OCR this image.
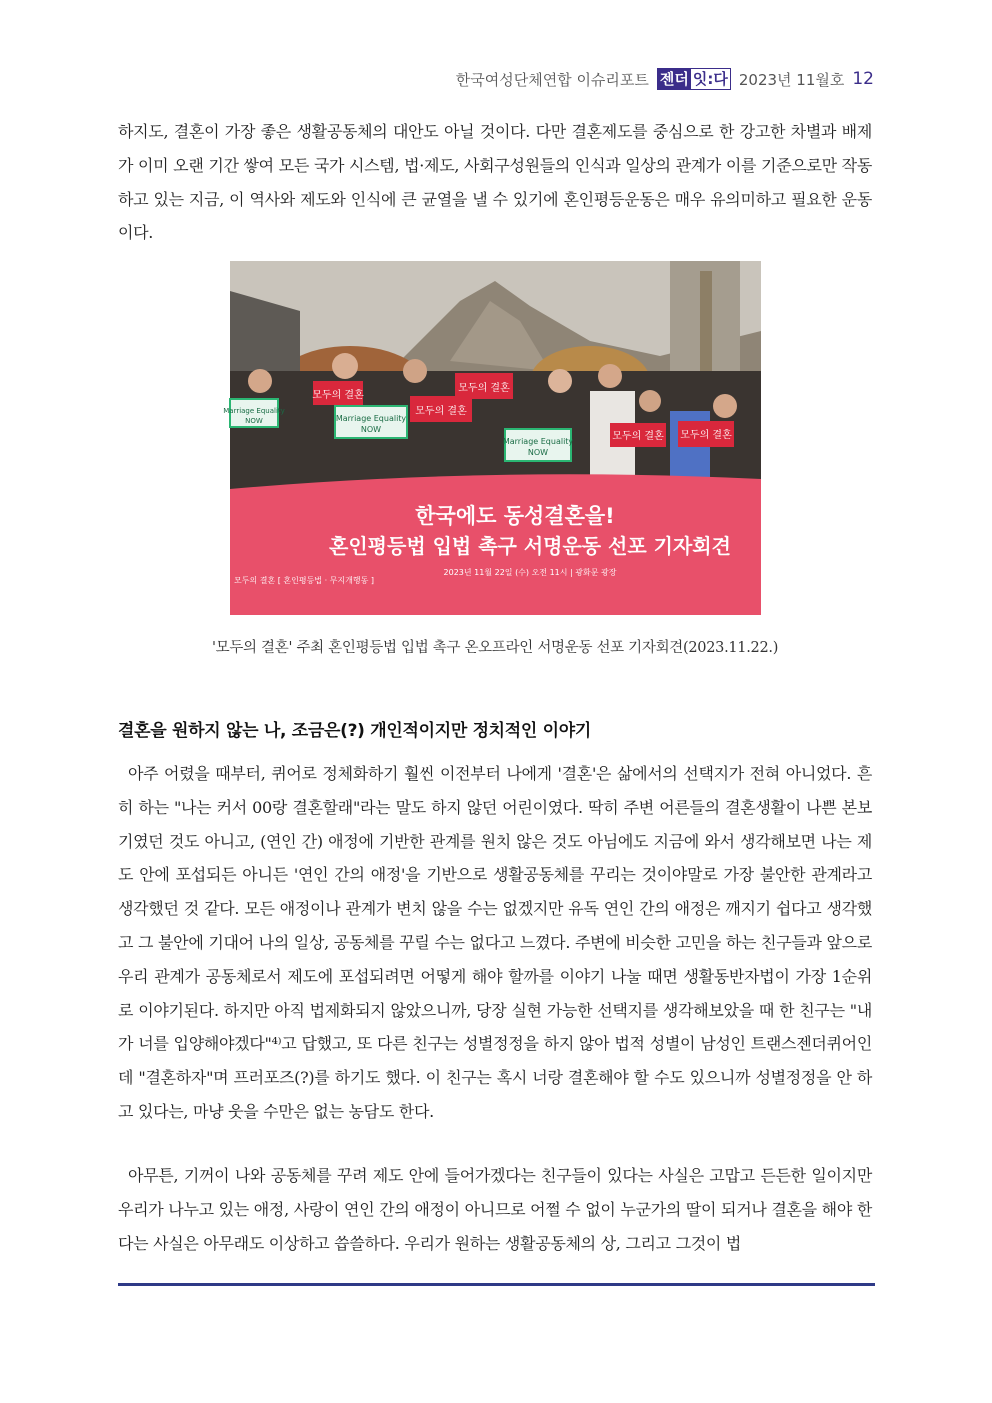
한국여성단체연합 이슈리포트 젠더 잇:다 2023년 11월호 12

하지도, 결혼이 가장 좋은 생활공동체의 대안도 아닐 것이다. 다만 결혼제도를 중심으로 한 강고한 차별과 배제가 이미 오랜 기간 쌓여 모든 국가 시스템, 법·제도, 사회구성원들의 인식과 일상의 관계가 이를 기준으로만 작동하고 있는 지금, 이 역사와 제도와 인식에 큰 균열을 낼 수 있기에 혼인평등운동은 매우 유의미하고 필요한 운동이다.

모두의 결혼
모두의 결혼
모두의 결혼
모두의 결혼 모두의 결혼
Marriage Equality
NOW	Marriage Equality
NOW
Marriage Equality
NOW
한국에도 동성결혼을!
혼인평등법 입법 촉구 서명운동 선포 기자회견
2023년 11월 22일 (수) 오전 11시 | 광화문 광장
모두의 결혼 [ 혼인평등법 · 무지개행동 ]
'모두의 결혼' 주최 혼인평등법 입법 촉구 온오프라인 서명운동 선포 기자회견(2023.11.22.)
결혼을 원하지 않는 나, 조금은(?) 개인적이지만 정치적인 이야기

아주 어렸을 때부터, 퀴어로 정체화하기 훨씬 이전부터 나에게 '결혼'은 삶에서의 선택지가 전혀 아니었다. 흔히 하는 "나는 커서 00랑 결혼할래"라는 말도 하지 않던 어린이였다. 딱히 주변 어른들의 결혼생활이 나쁜 본보기였던 것도 아니고, (연인 간) 애정에 기반한 관계를 원치 않은 것도 아님에도 지금에 와서 생각해보면 나는 제도 안에 포섭되든 아니든 '연인 간의 애정'을 기반으로 생활공동체를 꾸리는 것이야말로 가장 불안한 관계라고 생각했던 것 같다. 모든 애정이나 관계가 변치 않을 수는 없겠지만 유독 연인 간의 애정은 깨지기 쉽다고 생각했고 그 불안에 기대어 나의 일상, 공동체를 꾸릴 수는 없다고 느꼈다. 주변에 비슷한 고민을 하는 친구들과 앞으로 우리 관계가 공동체로서 제도에 포섭되려면 어떻게 해야 할까를 이야기 나눌 때면 생활동반자법이 가장 1순위로 이야기된다. 하지만 아직 법제화되지 않았으니까, 당장 실현 가능한 선택지를 생각해보았을 때 한 친구는 "내가 너를 입양해야겠다"⁴⁾고 답했고, 또 다른 친구는 성별정정을 하지 않아 법적 성별이 남성인 트랜스젠더퀴어인데 "결혼하자"며 프러포즈(?)를 하기도 했다. 이 친구는 혹시 너랑 결혼해야 할 수도 있으니까 성별정정을 안 하고 있다는, 마냥 웃을 수만은 없는 농담도 한다.

아무튼, 기꺼이 나와 공동체를 꾸려 제도 안에 들어가겠다는 친구들이 있다는 사실은 고맙고 든든한 일이지만 우리가 나누고 있는 애정, 사랑이 연인 간의 애정이 아니므로 어쩔 수 없이 누군가의 딸이 되거나 결혼을 해야 한다는 사실은 아무래도 이상하고 씁쓸하다. 우리가 원하는 생활공동체의 상, 그리고 그것이 법
